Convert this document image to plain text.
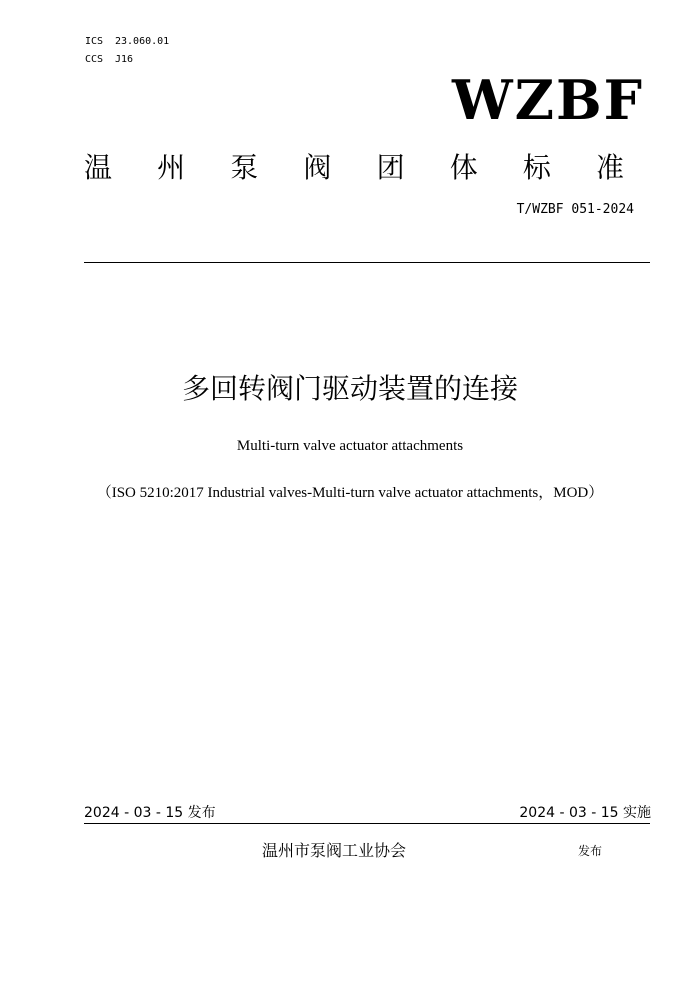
ICS 23.060.01
CCS J16
WZBF
温 州 泵 阀 团 体 标 准
T/WZBF 051-2024
多回转阀门驱动装置的连接
Multi-turn valve actuator attachments
（ISO 5210:2017 Industrial valves-Multi-turn valve actuator attachments，MOD）
2024 - 03 - 15 发布	2024 - 03 - 15 实施
温州市泵阀工业协会	发布
